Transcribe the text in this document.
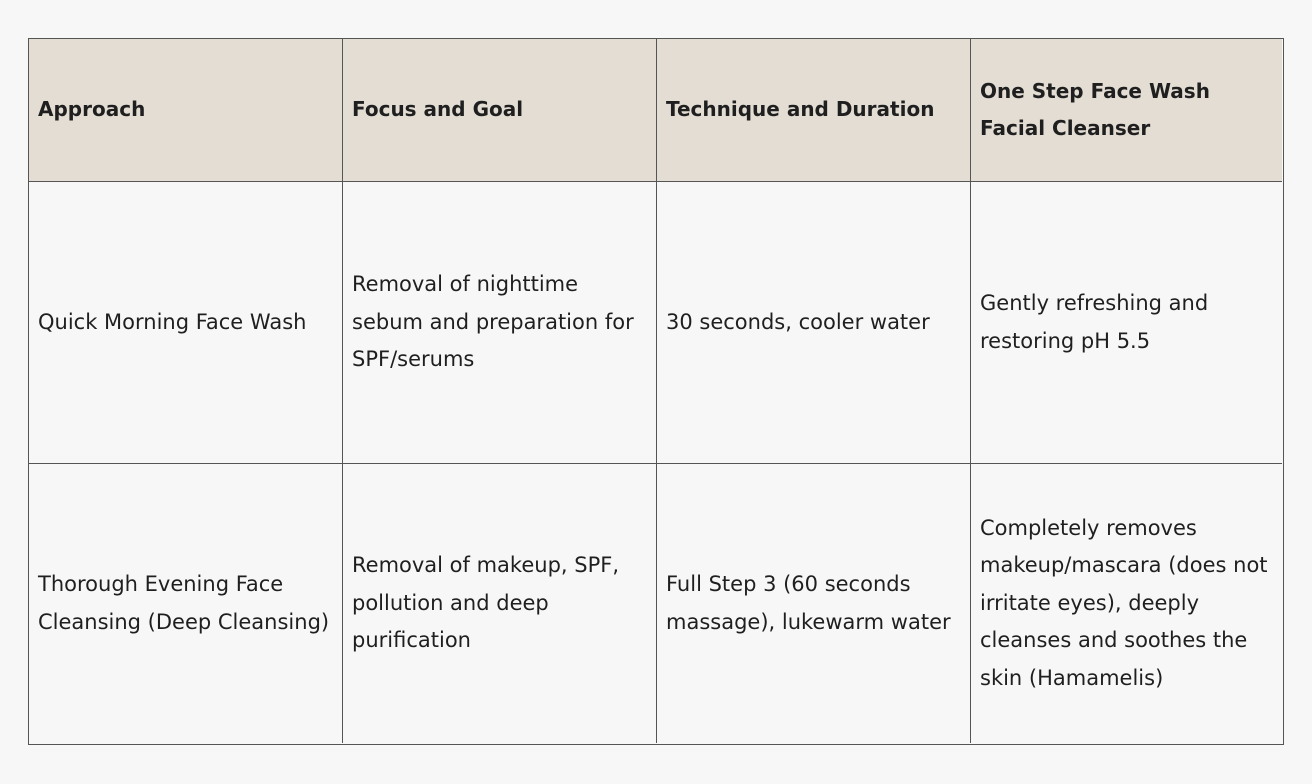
Approach	Focus and Goal	Technique and Duration
One Step Face Wash Facial Cleanser
Quick Morning Face Wash
Removal of nighttime sebum and preparation for SPF/serums
30 seconds, cooler water
Gently refreshing and restoring pH 5.5
Thorough Evening Face Cleansing (Deep Cleansing)
Removal of makeup, SPF, pollution and deep purification
Full Step 3 (60 seconds massage), lukewarm water
Completely removes makeup/mascara (does not irritate eyes), deeply cleanses and soothes the skin (Hamamelis)
